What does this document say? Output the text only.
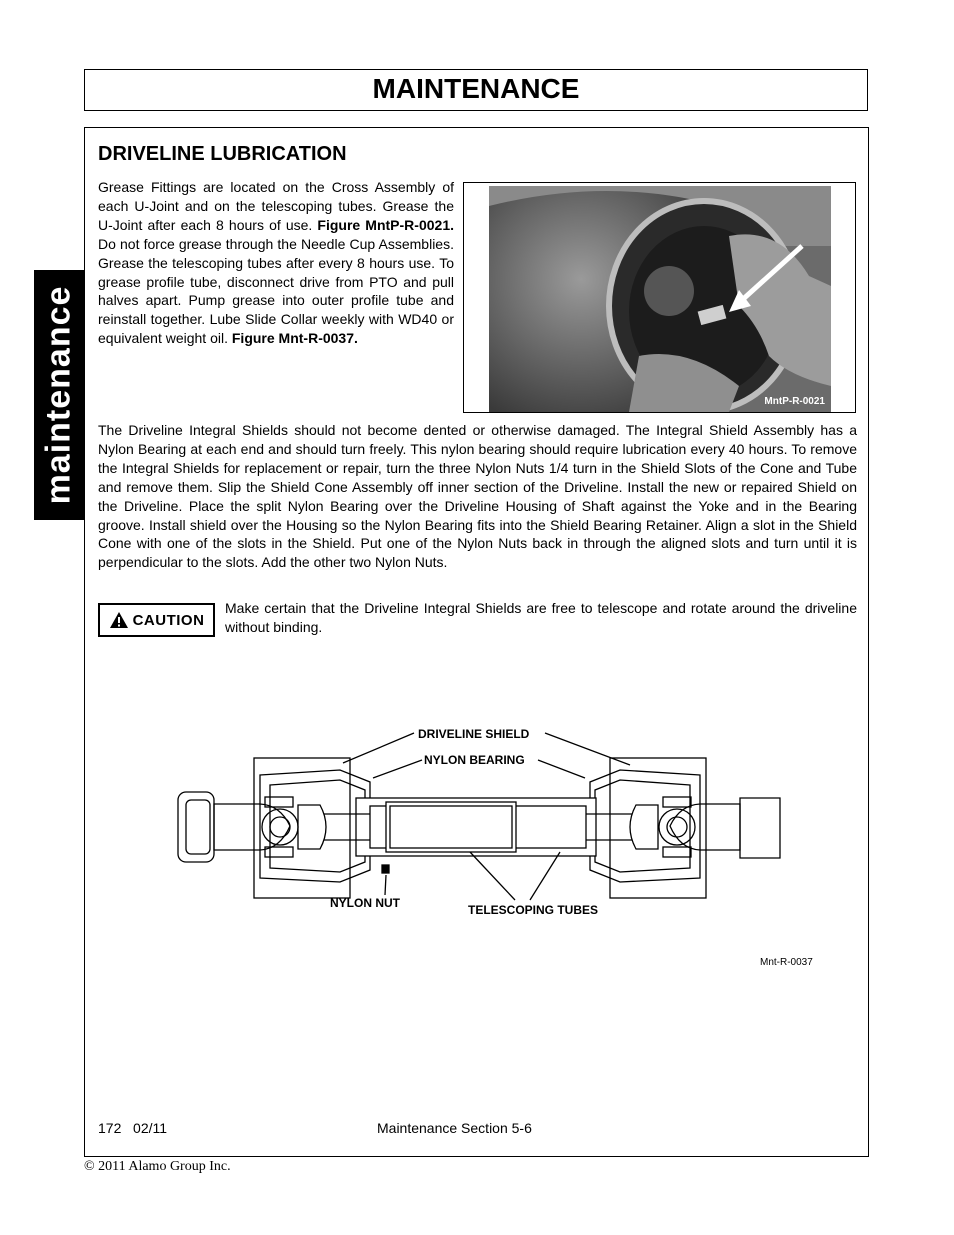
MAINTENANCE
maintenance
DRIVELINE LUBRICATION
Grease Fittings are located on the Cross Assembly of each U-Joint and on the telescoping tubes. Grease the U-Joint after each 8 hours of use. Figure MntP-R-0021. Do not force grease through the Needle Cup Assemblies. Grease the telescoping tubes after every 8 hours use. To grease profile tube, disconnect drive from PTO and pull halves apart. Pump grease into outer profile tube and reinstall together. Lube Slide Collar weekly with WD40 or equivalent weight oil. Figure Mnt-R-0037.
MntP-R-0021
The Driveline Integral Shields should not become dented or otherwise damaged. The Integral Shield Assembly has a Nylon Bearing at each end and should turn freely. This nylon bearing should require lubrication every 40 hours. To remove the Integral Shields for replacement or repair, turn the three Nylon Nuts 1/4 turn in the Shield Slots of the Cone and Tube and remove them. Slip the Shield Cone Assembly off inner section of the Driveline. Install the new or repaired Shield on the Driveline. Place the split Nylon Bearing over the Driveline Housing of Shaft against the Yoke and in the Bearing groove. Install shield over the Housing so the Nylon Bearing fits into the Shield Bearing Retainer. Align a slot in the Shield Cone with one of the slots in the Shield. Put one of the Nylon Nuts back in through the aligned slots and turn until it is perpendicular to the slots. Add the other two Nylon Nuts.
CAUTION
Make certain that the Driveline Integral Shields are free to telescope and rotate around the driveline without binding.
DRIVELINE SHIELD
NYLON BEARING
NYLON NUT	TELESCOPING TUBES
Mnt-R-0037
172   02/11	Maintenance Section 5-6
© 2011 Alamo Group Inc.
